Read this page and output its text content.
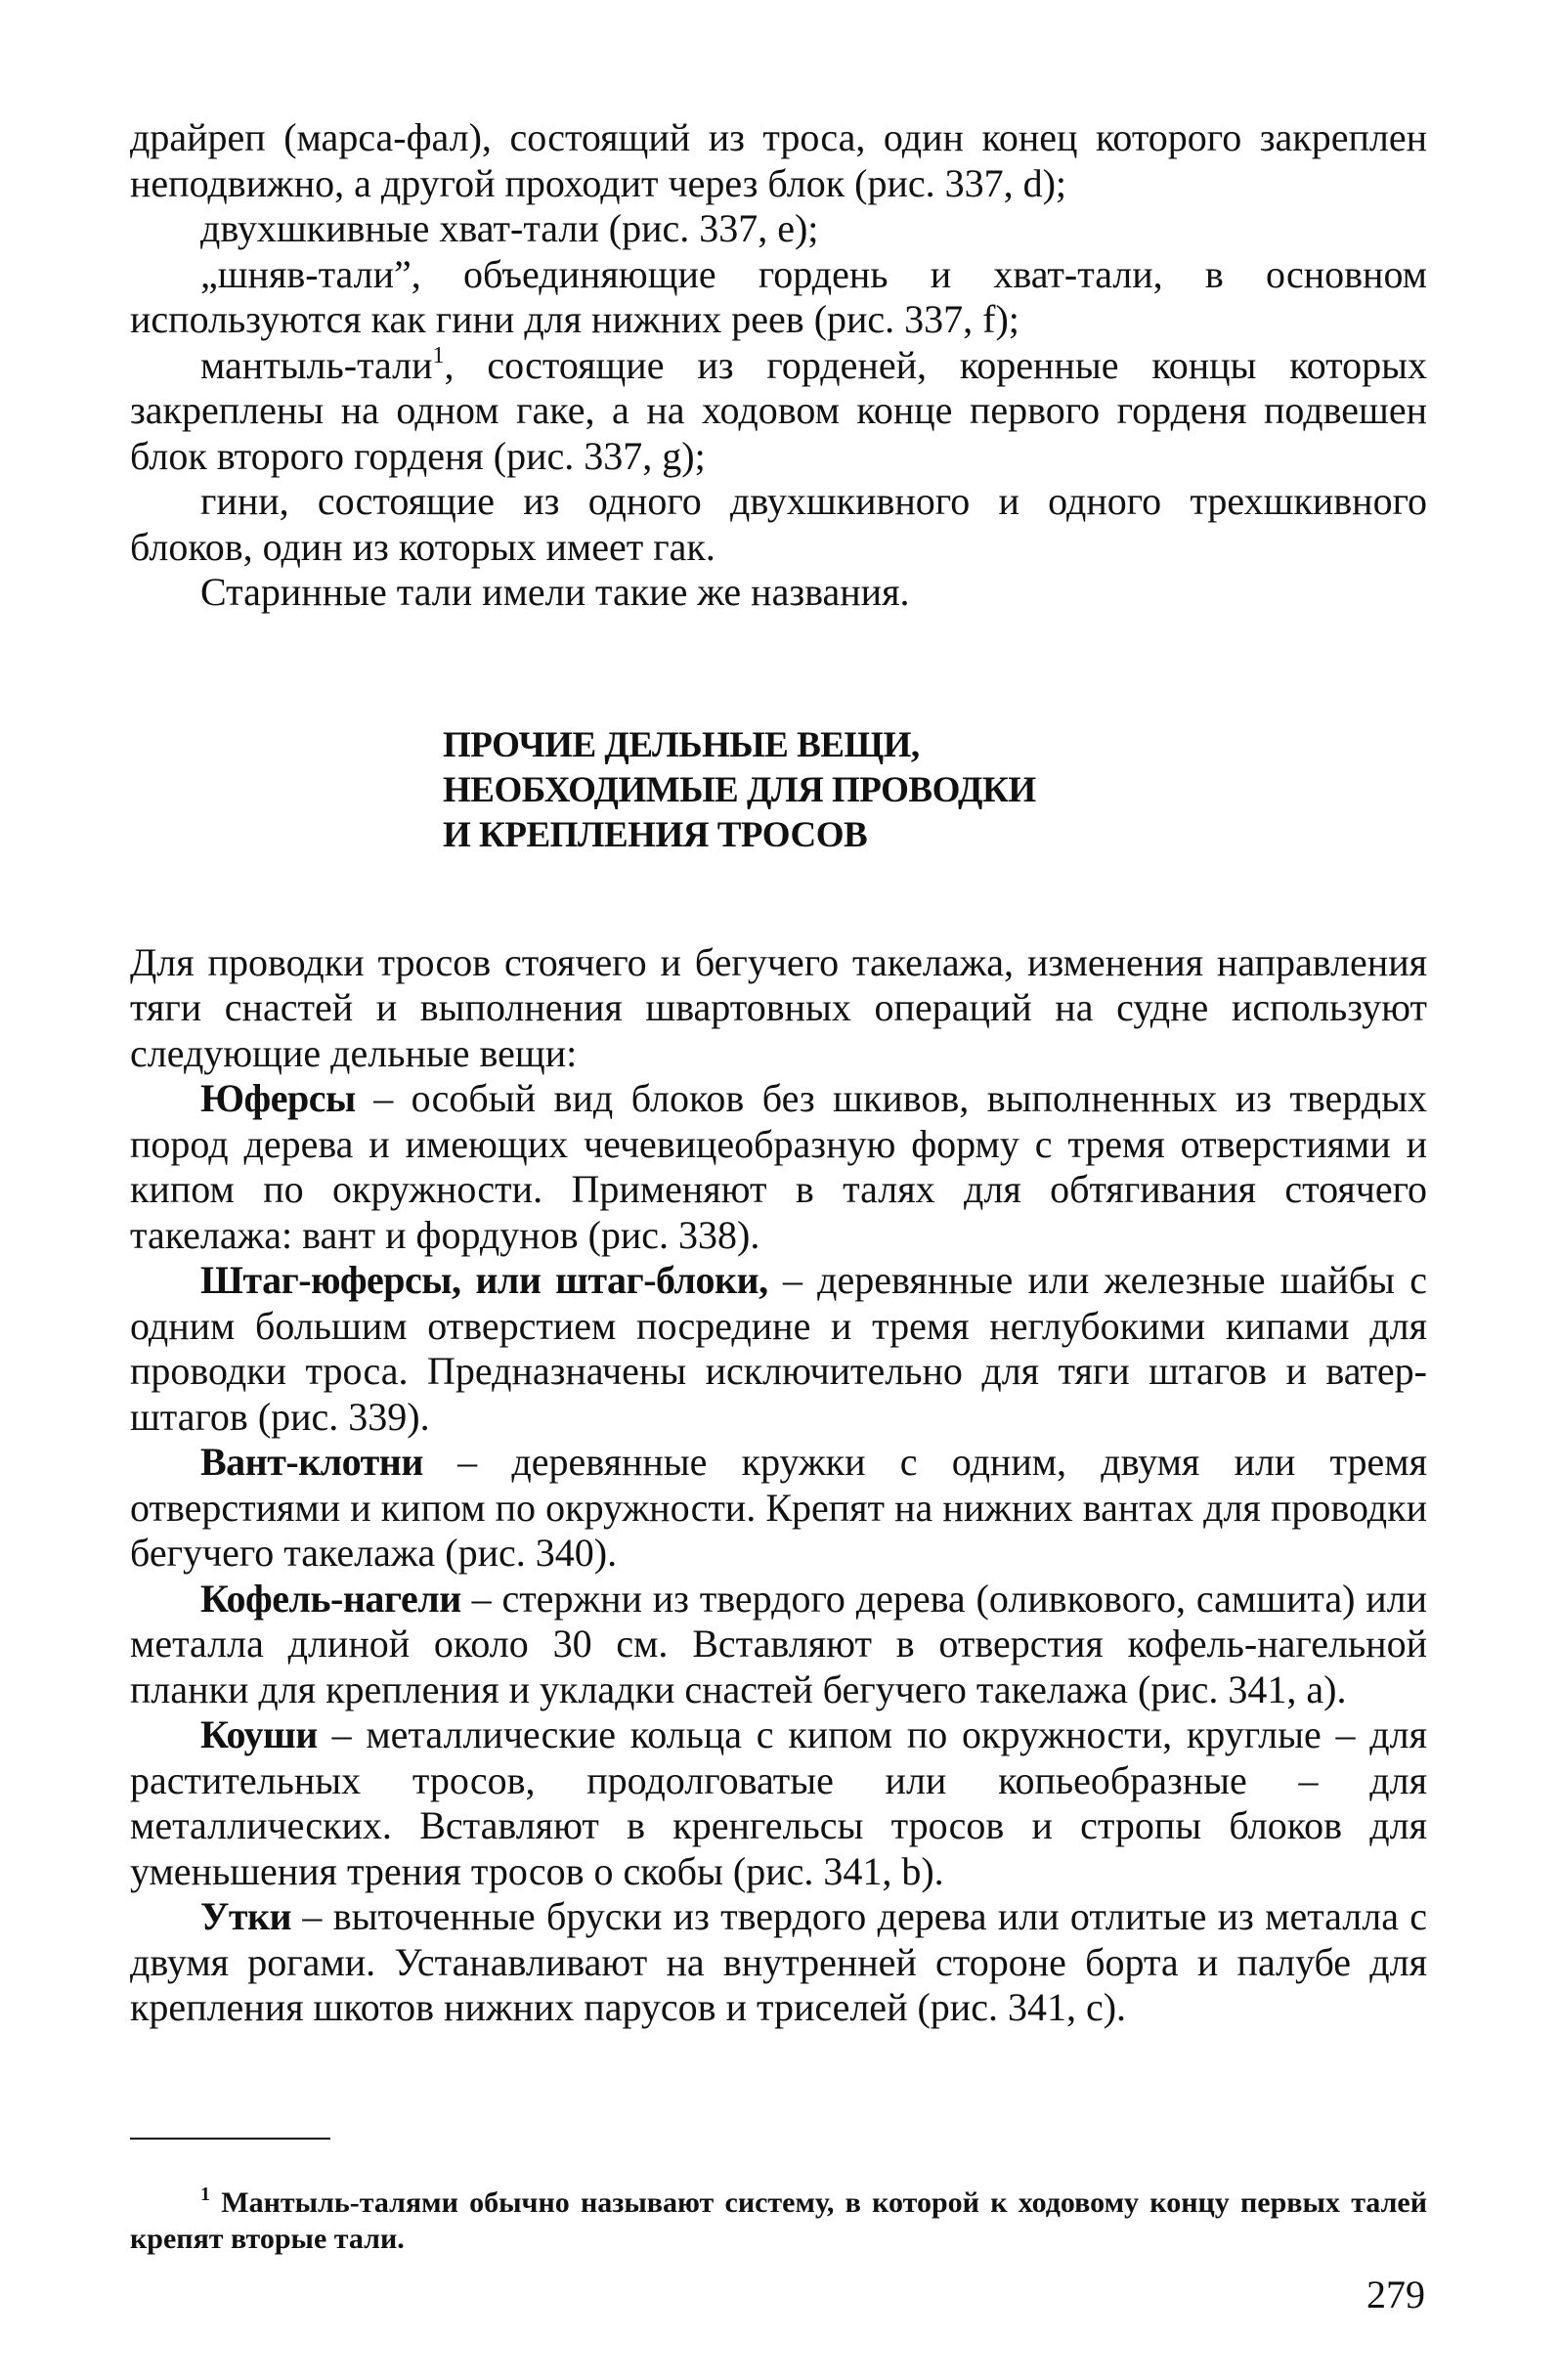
драйреп (марса-фал), состоящий из троса, один конец которого закреплен неподвижно, а другой проходит через блок (рис. 337, d);

двухшкивные хват-тали (рис. 337, e);

„шняв-тали”, объединяющие гордень и хват-тали, в основном используются как гини для нижних реев (рис. 337, f);

мантыль-тали$^1$, состоящие из горденей, коренные концы которых закреплены на одном гаке, а на ходовом конце первого горденя подвешен блок второго горденя (рис. 337, g);

гини, состоящие из одного двухшкивного и одного трехшкивного блоков, один из которых имеет гак.

Старинные тали имели такие же названия.

ПРОЧИЕ ДЕЛЬНЫЕ ВЕЩИ,
НЕОБХОДИМЫЕ ДЛЯ ПРОВОДКИ
И КРЕПЛЕНИЯ ТРОСОВ

Для проводки тросов стоячего и бегучего такелажа, изменения направления тяги снастей и выполнения швартовных операций на судне используют следующие дельные вещи:

Юферсы – особый вид блоков без шкивов, выполненных из твердых пород дерева и имеющих чечевицеобразную форму с тремя отверстиями и кипом по окружности. Применяют в талях для обтягивания стоячего такелажа: вант и фордунов (рис. 338).

Штаг-юферсы, или штаг-блоки, – деревянные или железные шайбы с одним большим отверстием посредине и тремя неглубокими кипами для проводки троса. Предназначены исключительно для тяги штагов и ватер-штагов (рис. 339).

Вант-клотни – деревянные кружки с одним, двумя или тремя отверстиями и кипом по окружности. Крепят на нижних вантах для проводки бегучего такелажа (рис. 340).

Кофель-нагели – стержни из твердого дерева (оливкового, самшита) или металла длиной около 30 см. Вставляют в отверстия кофель-нагельной планки для крепления и укладки снастей бегучего такелажа (рис. 341, a).

Коуши – металлические кольца с кипом по окружности, круглые – для растительных тросов, продолговатые или копьеобразные – для металлических. Вставляют в кренгельсы тросов и стропы блоков для уменьшения трения тросов о скобы (рис. 341, b).

Утки – выточенные бруски из твердого дерева или отлитые из металла с двумя рогами. Устанавливают на внутренней стороне борта и палубе для крепления шкотов нижних парусов и триселей (рис. 341, c).

$^1$ Мантыль-талями обычно называют систему, в которой к ходовому концу первых талей крепят вторые тали.

279
